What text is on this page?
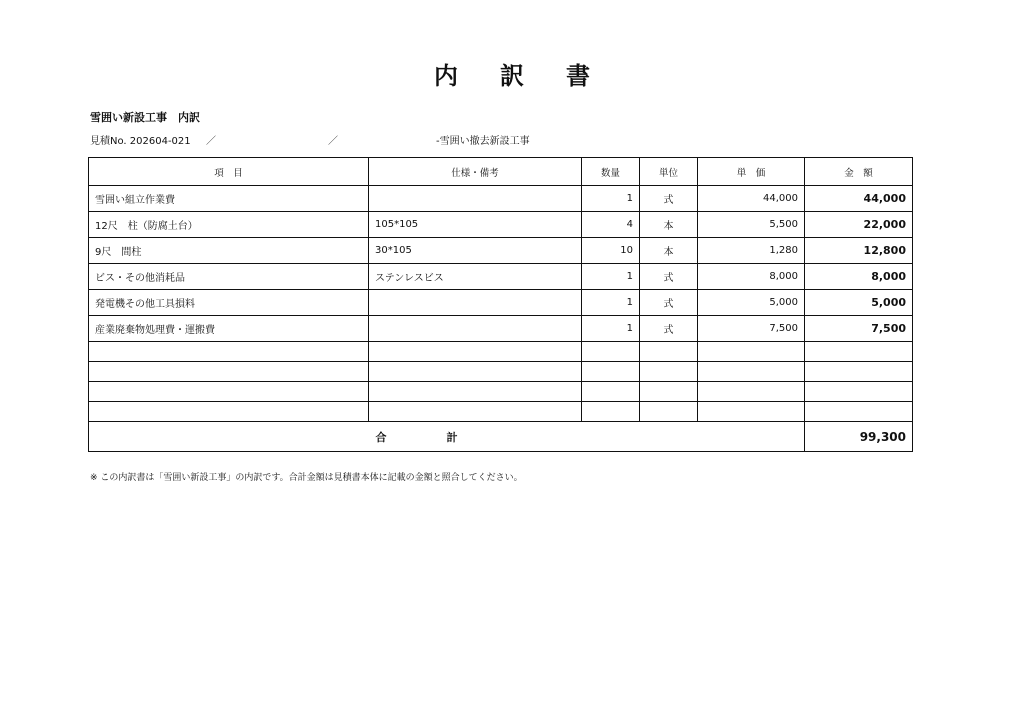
内訳書
雪囲い新設工事　内訳
見積No. 202604-021 ／	／	-雪囲い撤去新設工事
項　目	仕様・備考	数量	単位	単　価	金　額
雪囲い組立作業費		1	式	44,000	44,000
12尺　柱（防腐土台）	105*105	4	本	5,500	22,000
9尺　間柱	30*105	10	本	1,280	12,800
ビス・その他消耗品	ステンレスビス	1	式	8,000	8,000
発電機その他工具損料		1	式	5,000	5,000
産業廃棄物処理費・運搬費		1	式	7,500	7,500

合計					99,300
※ この内訳書は「雪囲い新設工事」の内訳です。合計金額は見積書本体に記載の金額と照合してください。
